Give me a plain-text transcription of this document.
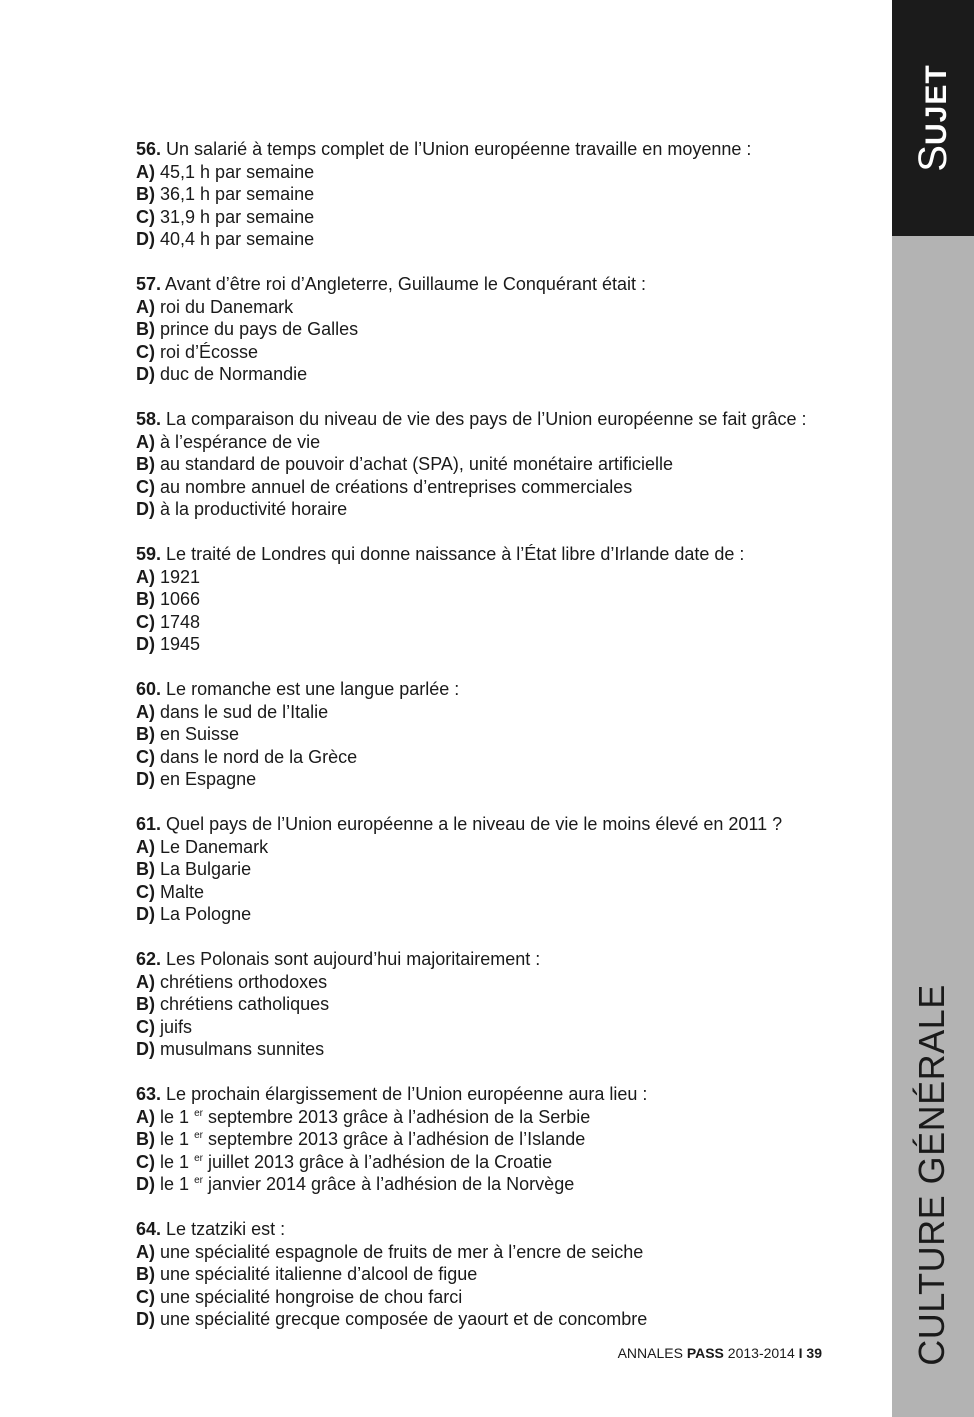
SUJET
CULTURE GÉNÉRALE
56. Un salarié à temps complet de l’Union européenne travaille en moyenne :
A) 45,1 h par semaine
B) 36,1 h par semaine
C) 31,9 h par semaine
D) 40,4 h par semaine
57. Avant d’être roi d’Angleterre, Guillaume le Conquérant était :
A) roi du Danemark
B) prince du pays de Galles
C) roi d’Écosse
D) duc de Normandie
58. La comparaison du niveau de vie des pays de l’Union européenne se fait grâce :
A) à l’espérance de vie
B) au standard de pouvoir d’achat (SPA), unité monétaire artificielle
C) au nombre annuel de créations d’entreprises commerciales
D) à la productivité horaire
59. Le traité de Londres qui donne naissance à l’État libre d’Irlande date de :
A) 1921
B) 1066
C) 1748
D) 1945
60. Le romanche est une langue parlée :
A) dans le sud de l’Italie
B) en Suisse
C) dans le nord de la Grèce
D) en Espagne
61. Quel pays de l’Union européenne a le niveau de vie le moins élevé en 2011 ?
A) Le Danemark
B) La Bulgarie
C) Malte
D) La Pologne
62. Les Polonais sont aujourd’hui majoritairement :
A) chrétiens orthodoxes
B) chrétiens catholiques
C) juifs
D) musulmans sunnites
63. Le prochain élargissement de l’Union européenne aura lieu :
A) le 1 $^{er}$ septembre 2013 grâce à l’adhésion de la Serbie
B) le 1 $^{er}$ septembre 2013 grâce à l’adhésion de l’Islande
C) le 1 $^{er}$ juillet 2013 grâce à l’adhésion de la Croatie
D) le 1 $^{er}$ janvier 2014 grâce à l’adhésion de la Norvège
64. Le tzatziki est :
A) une spécialité espagnole de fruits de mer à l’encre de seiche
B) une spécialité italienne d’alcool de figue
C) une spécialité hongroise de chou farci
D) une spécialité grecque composée de yaourt et de concombre
ANNALES PASS 2013-2014 I 39
